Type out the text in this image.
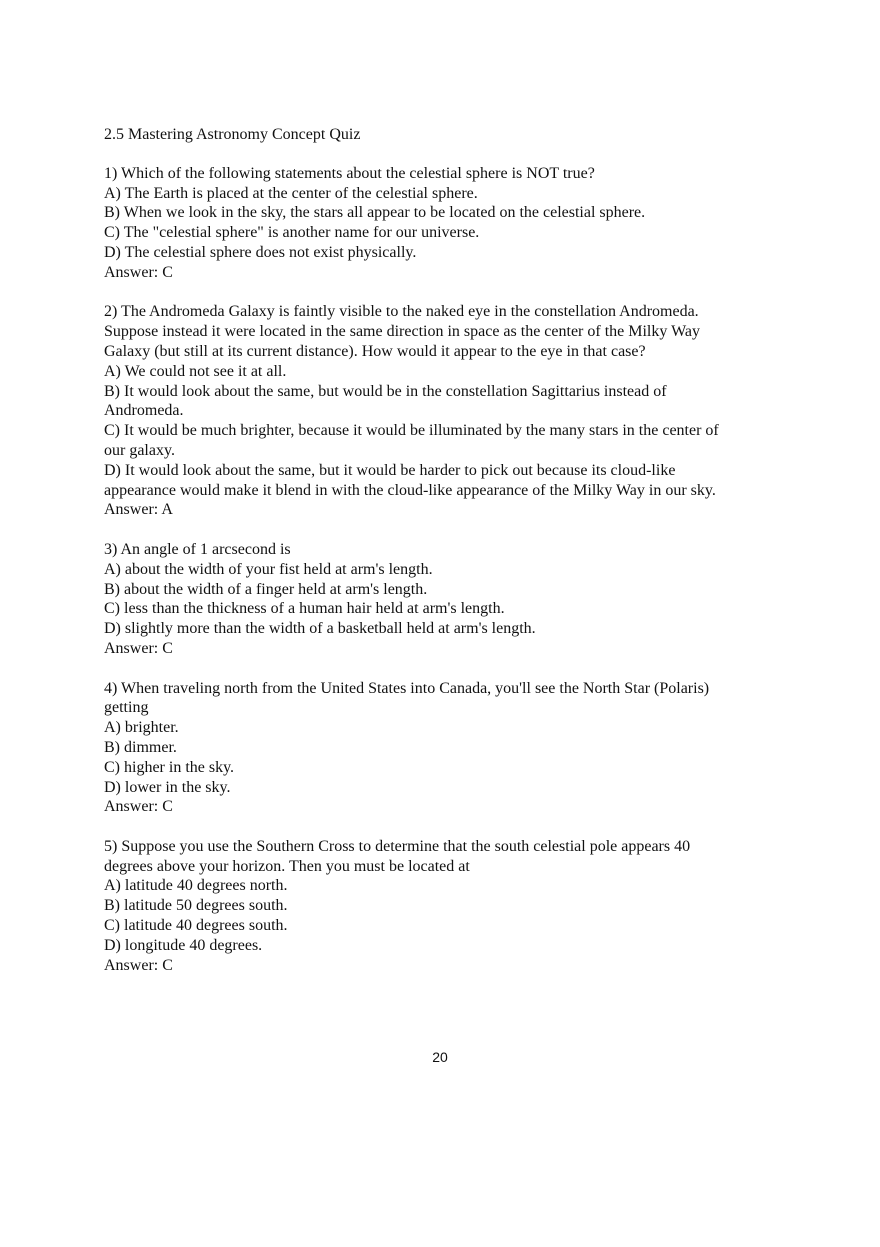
2.5 Mastering Astronomy Concept Quiz
1) Which of the following statements about the celestial sphere is NOT true?
A) The Earth is placed at the center of the celestial sphere.
B) When we look in the sky, the stars all appear to be located on the celestial sphere.
C) The "celestial sphere" is another name for our universe.
D) The celestial sphere does not exist physically.
Answer: C
2) The Andromeda Galaxy is faintly visible to the naked eye in the constellation Andromeda.
Suppose instead it were located in the same direction in space as the center of the Milky Way
Galaxy (but still at its current distance). How would it appear to the eye in that case?
A) We could not see it at all.
B) It would look about the same, but would be in the constellation Sagittarius instead of
Andromeda.
C) It would be much brighter, because it would be illuminated by the many stars in the center of
our galaxy.
D) It would look about the same, but it would be harder to pick out because its cloud-like
appearance would make it blend in with the cloud-like appearance of the Milky Way in our sky.
Answer: A
3) An angle of 1 arcsecond is
A) about the width of your fist held at arm's length.
B) about the width of a finger held at arm's length.
C) less than the thickness of a human hair held at arm's length.
D) slightly more than the width of a basketball held at arm's length.
Answer: C
4) When traveling north from the United States into Canada, you'll see the North Star (Polaris)
getting
A) brighter.
B) dimmer.
C) higher in the sky.
D) lower in the sky.
Answer: C
5) Suppose you use the Southern Cross to determine that the south celestial pole appears 40
degrees above your horizon. Then you must be located at
A) latitude 40 degrees north.
B) latitude 50 degrees south.
C) latitude 40 degrees south.
D) longitude 40 degrees.
Answer: C
20
